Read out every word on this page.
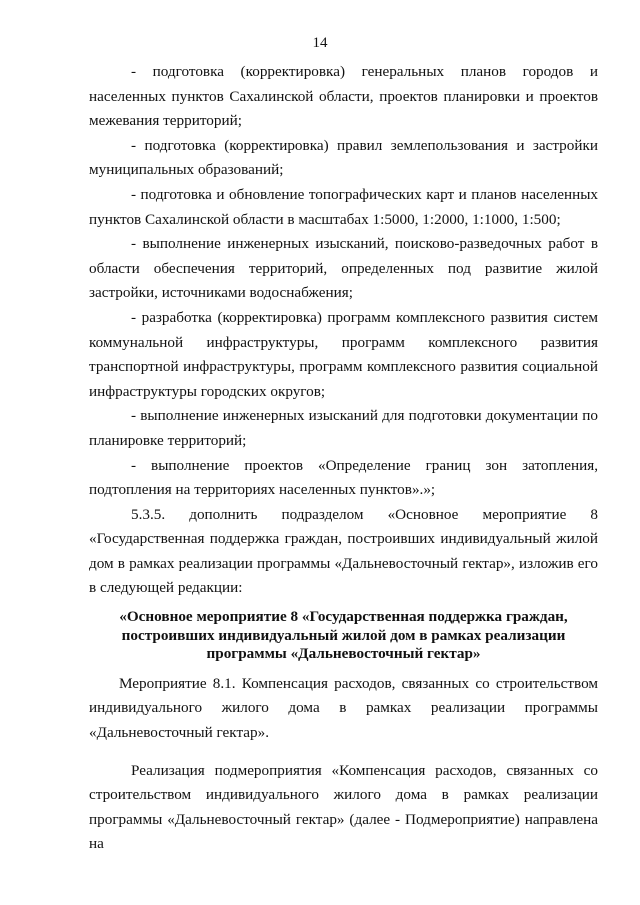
14

- подготовка (корректировка) генеральных планов городов и населенных пунктов Сахалинской области, проектов планировки и проектов межевания территорий;

- подготовка (корректировка) правил землепользования и застройки муниципальных образований;

- подготовка и обновление топографических карт и планов населенных пунктов Сахалинской области в масштабах 1:5000, 1:2000, 1:1000, 1:500;

- выполнение инженерных изысканий, поисково-разведочных работ в области обеспечения территорий, определенных под развитие жилой застройки, источниками водоснабжения;

- разработка (корректировка) программ комплексного развития систем коммунальной инфраструктуры, программ комплексного развития транспортной инфраструктуры, программ комплексного развития социальной инфраструктуры городских округов;

- выполнение инженерных изысканий для подготовки документации по планировке территорий;

- выполнение проектов «Определение границ зон затопления, подтопления на территориях населенных пунктов».»;

5.3.5. дополнить подразделом «Основное мероприятие 8 «Государственная поддержка граждан, построивших индивидуальный жилой дом в рамках реализации программы «Дальневосточный гектар», изложив его в следующей редакции:

«Основное мероприятие 8 «Государственная поддержка граждан,
построивших индивидуальный жилой дом в рамках реализации
программы «Дальневосточный гектар»

Мероприятие 8.1. Компенсация расходов, связанных со строительством индивидуального жилого дома в рамках реализации программы «Дальневосточный гектар».

Реализация подмероприятия «Компенсация расходов, связанных со строительством индивидуального жилого дома в рамках реализации программы «Дальневосточный гектар» (далее - Подмероприятие) направлена на
